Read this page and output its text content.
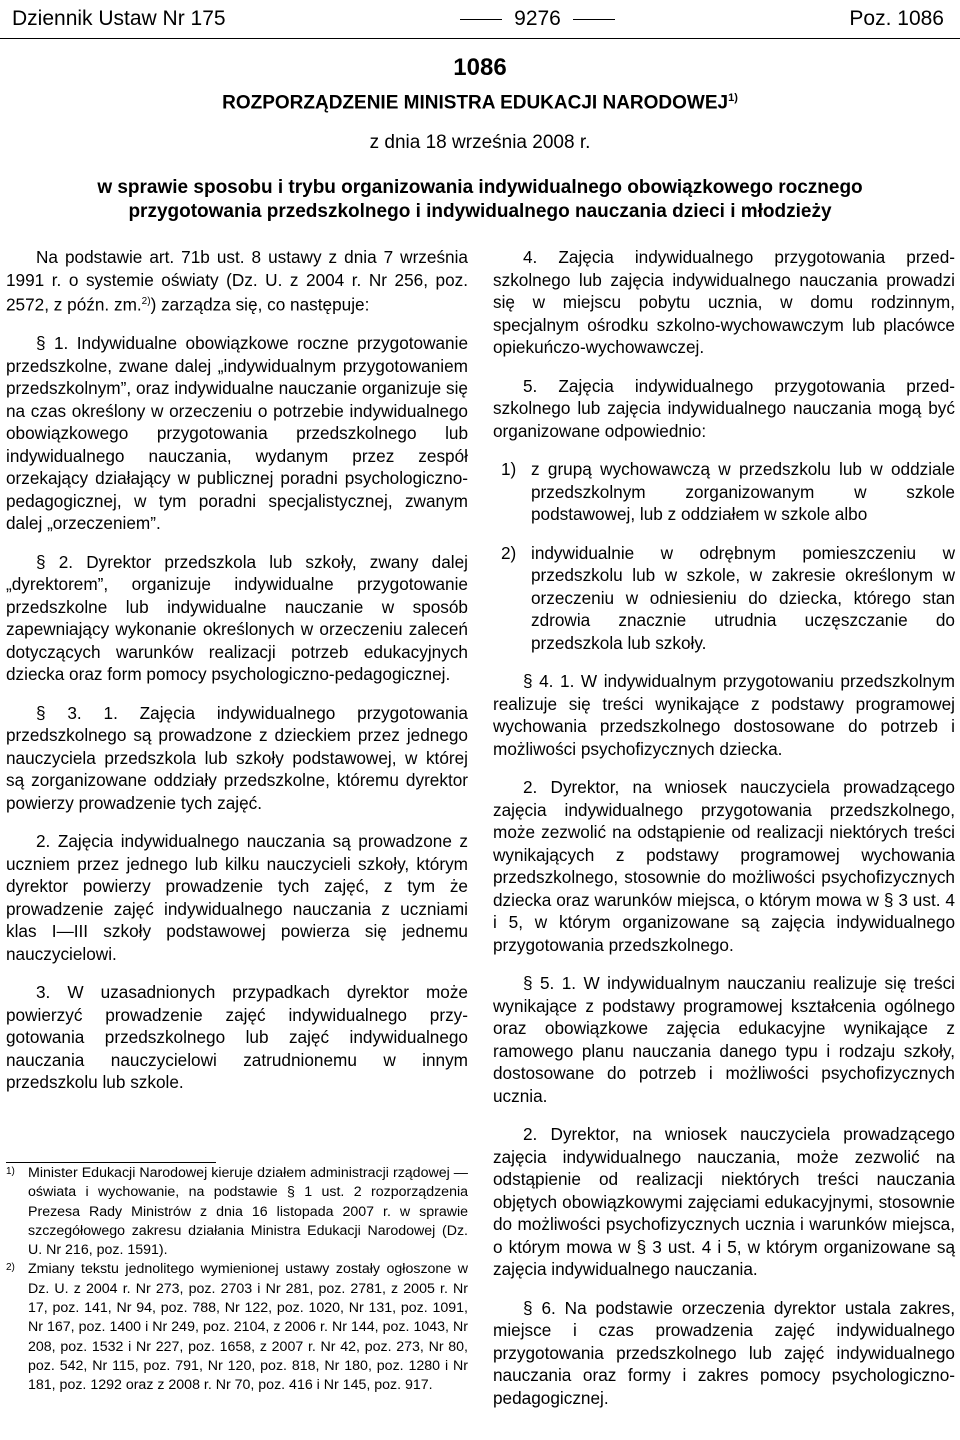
Dziennik Ustaw Nr 175	9276	Poz. 1086
1086
ROZPORZĄDZENIE MINISTRA EDUKACJI NARODOWEJ$^{1)}$
z dnia 18 września 2008 r.
w sprawie sposobu i trybu organizowania indywidualnego obowiązkowego rocznego przygotowania przedszkolnego i indywidualnego nauczania dzieci i młodzieży

Na podstawie art. 71b ust. 8 ustawy z dnia 7 września 1991 r. o systemie oświaty (Dz. U. z 2004 r. Nr 256, poz. 2572, z późn. zm.$^{2)}$) zarządza się, co następuje:

§ 1. Indywidualne obowiązkowe roczne przygotowanie przedszkolne, zwane dalej „indywidualnym przygotowaniem przedszkolnym”, oraz indywidualne nauczanie organizuje się na czas określony w orzeczeniu o potrzebie indywidualnego obowiązkowego przygotowania przedszkolnego lub indywidualnego nauczania, wydanym przez zespół orzekający działający w publicznej poradni psychologiczno-pedagogicznej, w tym poradni specjalistycznej, zwanym dalej „orzeczeniem”.

§ 2. Dyrektor przedszkola lub szkoły, zwany dalej „dyrektorem”, organizuje indywidualne przygotowanie przedszkolne lub indywidualne nauczanie w sposób zapewniający wykonanie określonych w orzeczeniu zaleceń dotyczących warunków realizacji potrzeb edukacyjnych dziecka oraz form pomocy psychologiczno-pedagogicznej.

§ 3. 1. Zajęcia indywidualnego przygotowania przedszkolnego są prowadzone z dzieckiem przez jednego nauczyciela przedszkola lub szkoły podstawowej, w której są zorganizowane oddziały przedszkolne, któremu dyrektor powierzy prowadzenie tych zajęć.

2. Zajęcia indywidualnego nauczania są prowadzone z uczniem przez jednego lub kilku nauczycieli szkoły, którym dyrektor powierzy prowadzenie tych zajęć, z tym że prowadzenie zajęć indywidualnego nauczania z uczniami klas I—III szkoły podstawowej powierza się jednemu nauczycielowi.

3. W uzasadnionych przypadkach dyrektor może powierzyć prowadzenie zajęć indywidualnego przygotowania przedszkolnego lub zajęć indywidualnego nauczania nauczycielowi zatrudnionemu w innym przedszkolu lub szkole.

1) Minister Edukacji Narodowej kieruje działem administracji rządowej — oświata i wychowanie, na podstawie § 1 ust. 2 rozporządzenia Prezesa Rady Ministrów z dnia 16 listopada 2007 r. w sprawie szczegółowego zakresu działania Ministra Edukacji Narodowej (Dz. U. Nr 216, poz. 1591).
2) Zmiany tekstu jednolitego wymienionej ustawy zostały ogłoszone w Dz. U. z 2004 r. Nr 273, poz. 2703 i Nr 281, poz. 2781, z 2005 r. Nr 17, poz. 141, Nr 94, poz. 788, Nr 122, poz. 1020, Nr 131, poz. 1091, Nr 167, poz. 1400 i Nr 249, poz. 2104, z 2006 r. Nr 144, poz. 1043, Nr 208, poz. 1532 i Nr 227, poz. 1658, z 2007 r. Nr 42, poz. 273, Nr 80, poz. 542, Nr 115, poz. 791, Nr 120, poz. 818, Nr 180, poz. 1280 i Nr 181, poz. 1292 oraz z 2008 r. Nr 70, poz. 416 i Nr 145, poz. 917.

4. Zajęcia indywidualnego przygotowania przedszkolnego lub zajęcia indywidualnego nauczania prowadzi się w miejscu pobytu ucznia, w domu rodzinnym, specjalnym ośrodku szkolno-wychowawczym lub placówce opiekuńczo-wychowawczej.

5. Zajęcia indywidualnego przygotowania przedszkolnego lub zajęcia indywidualnego nauczania mogą być organizowane odpowiednio:

1) z grupą wychowawczą w przedszkolu lub w oddziale przedszkolnym zorganizowanym w szkole podstawowej, lub z oddziałem w szkole albo
2) indywidualnie w odrębnym pomieszczeniu w przedszkolu lub w szkole, w zakresie określonym w orzeczeniu w odniesieniu do dziecka, którego stan zdrowia znacznie utrudnia uczęszczanie do przedszkola lub szkoły.

§ 4. 1. W indywidualnym przygotowaniu przedszkolnym realizuje się treści wynikające z podstawy programowej wychowania przedszkolnego dostosowane do potrzeb i możliwości psychofizycznych dziecka.

2. Dyrektor, na wniosek nauczyciela prowadzącego zajęcia indywidualnego przygotowania przedszkolnego, może zezwolić na odstąpienie od realizacji niektórych treści wynikających z podstawy programowej wychowania przedszkolnego, stosownie do możliwości psychofizycznych dziecka oraz warunków miejsca, o którym mowa w § 3 ust. 4 i 5, w którym organizowane są zajęcia indywidualnego przygotowania przedszkolnego.

§ 5. 1. W indywidualnym nauczaniu realizuje się treści wynikające z podstawy programowej kształcenia ogólnego oraz obowiązkowe zajęcia edukacyjne wynikające z ramowego planu nauczania danego typu i rodzaju szkoły, dostosowane do potrzeb i możliwości psychofizycznych ucznia.

2. Dyrektor, na wniosek nauczyciela prowadzącego zajęcia indywidualnego nauczania, może zezwolić na odstąpienie od realizacji niektórych treści nauczania objętych obowiązkowymi zajęciami edukacyjnymi, stosownie do możliwości psychofizycznych ucznia i warunków miejsca, o którym mowa w § 3 ust. 4 i 5, w którym organizowane są zajęcia indywidualnego nauczania.

§ 6. Na podstawie orzeczenia dyrektor ustala zakres, miejsce i czas prowadzenia zajęć indywidualnego przygotowania przedszkolnego lub zajęć indywidualnego nauczania oraz formy i zakres pomocy psychologiczno-pedagogicznej.
